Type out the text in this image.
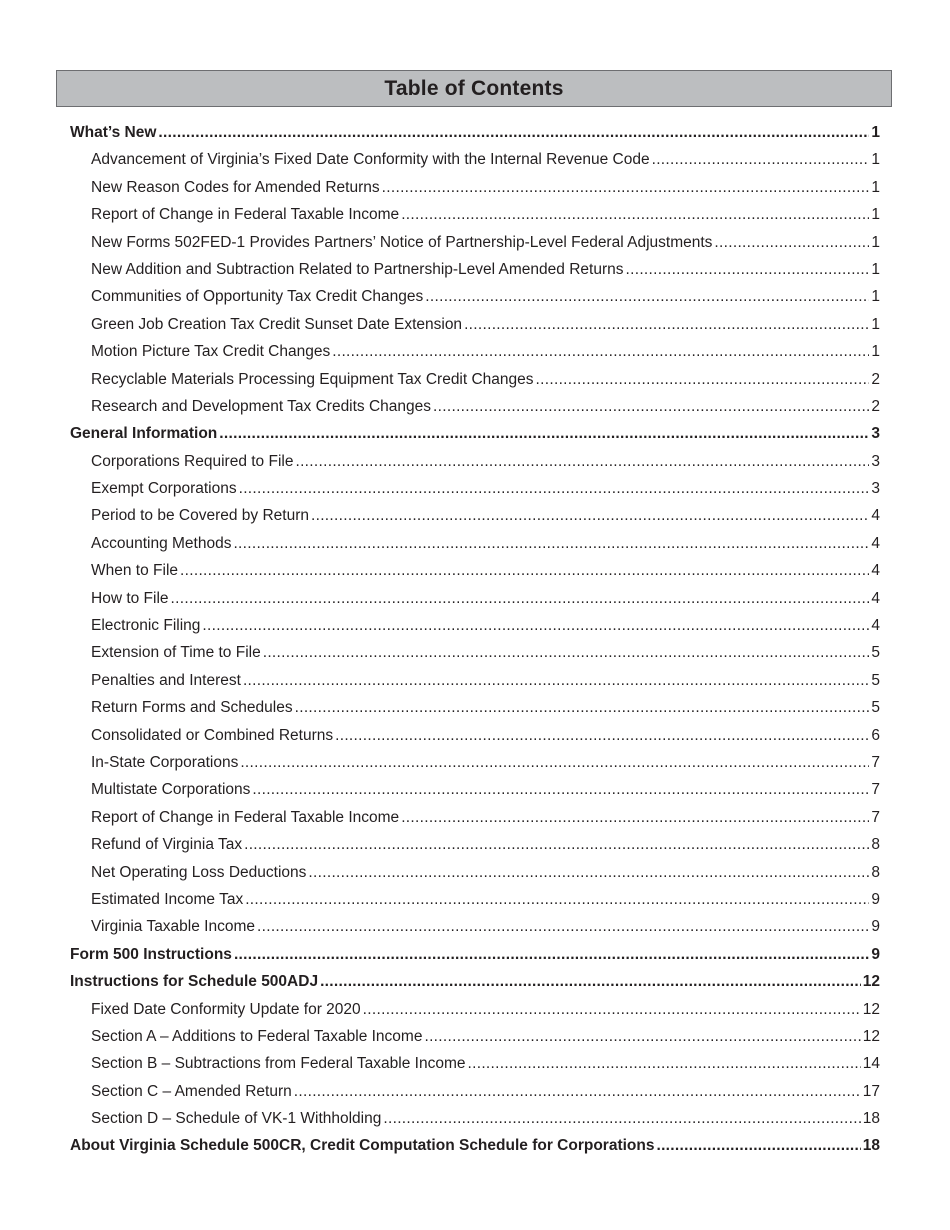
Table of Contents
What’s New .....	1
Advancement of Virginia’s Fixed Date Conformity with the Internal Revenue Code .....	1
New Reason Codes for Amended Returns .....	1
Report of Change in Federal Taxable Income .....	1
New Forms 502FED-1 Provides Partners’ Notice of Partnership-Level Federal Adjustments .....	1
New Addition and Subtraction Related to Partnership-Level Amended Returns .....	1
Communities of Opportunity Tax Credit Changes .....	1
Green Job Creation Tax Credit Sunset Date Extension .....	1
Motion Picture Tax Credit Changes .....	1
Recyclable Materials Processing Equipment Tax Credit Changes .....	2
Research and Development Tax Credits Changes .....	2
General Information .....	3
Corporations Required to File .....	3
Exempt Corporations .....	3
Period to be Covered by Return .....	4
Accounting Methods .....	4
When to File .....	4
How to File .....	4
Electronic Filing .....	4
Extension of Time to File .....	5
Penalties and Interest .....	5
Return Forms and Schedules .....	5
Consolidated or Combined Returns .....	6
In-State Corporations .....	7
Multistate Corporations .....	7
Report of Change in Federal Taxable Income .....	7
Refund of Virginia Tax .....	8
Net Operating Loss Deductions .....	8
Estimated Income Tax .....	9
Virginia Taxable Income .....	9
Form 500 Instructions .....	9
Instructions for Schedule 500ADJ .....	12
Fixed Date Conformity Update for 2020 .....	12
Section A – Additions to Federal Taxable Income .....	12
Section B – Subtractions from Federal Taxable Income .....	14
Section C – Amended Return .....	17
Section D – Schedule of VK-1 Withholding .....	18
About Virginia Schedule 500CR, Credit Computation Schedule for Corporations .....	18
